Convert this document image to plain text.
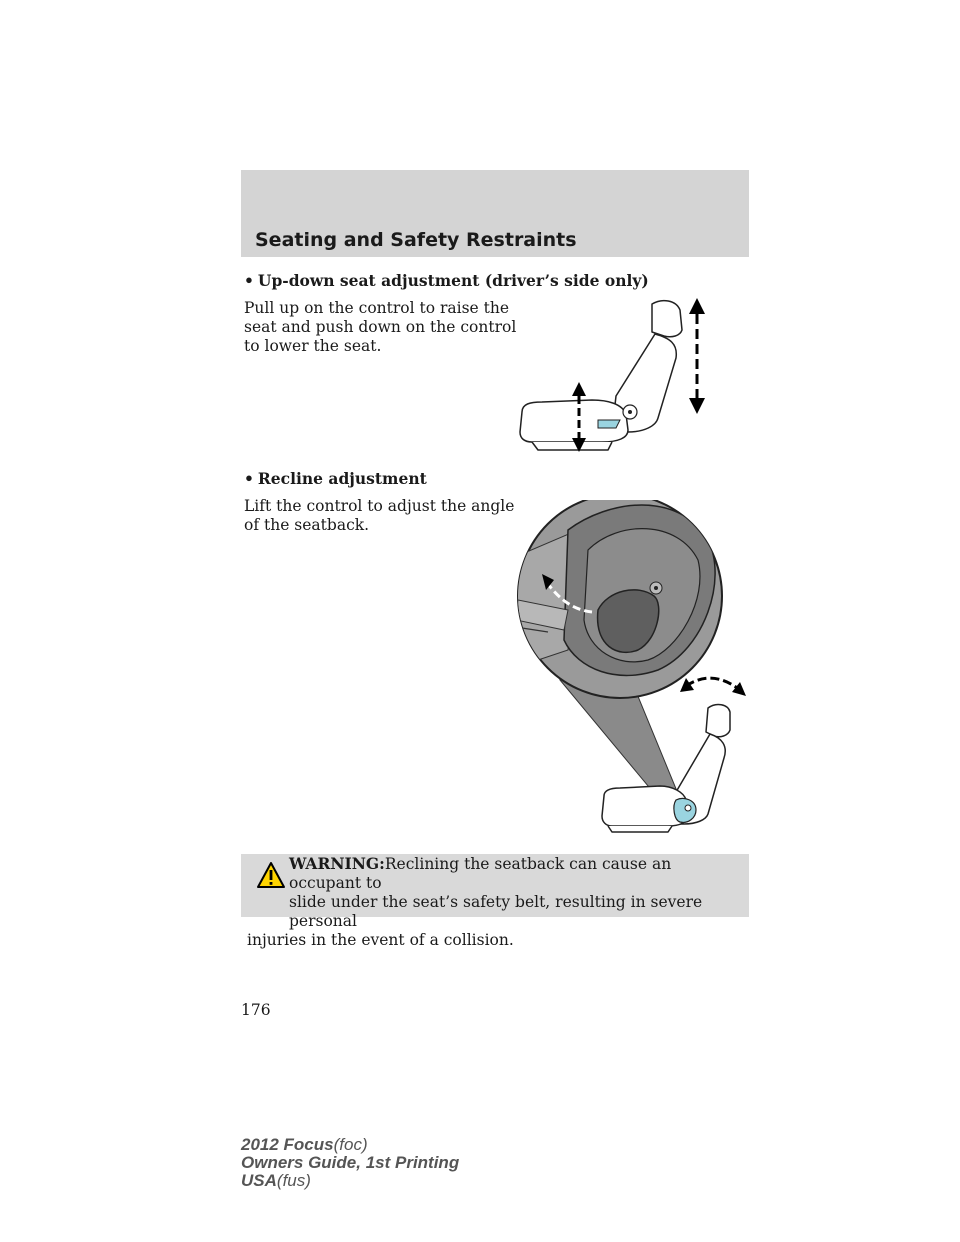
Seating and Safety Restraints
• Up-down seat adjustment (driver’s side only)
Pull up on the control to raise the
seat and push down on the control
to lower the seat.
• Recline adjustment
Lift the control to adjust the angle
of the seatback.
WARNING:Reclining the seatback can cause an occupant to
slide under the seat’s safety belt, resulting in severe personal
injuries in the event of a collision.
176
2012 Focus(foc)
Owners Guide, 1st Printing
USA(fus)
